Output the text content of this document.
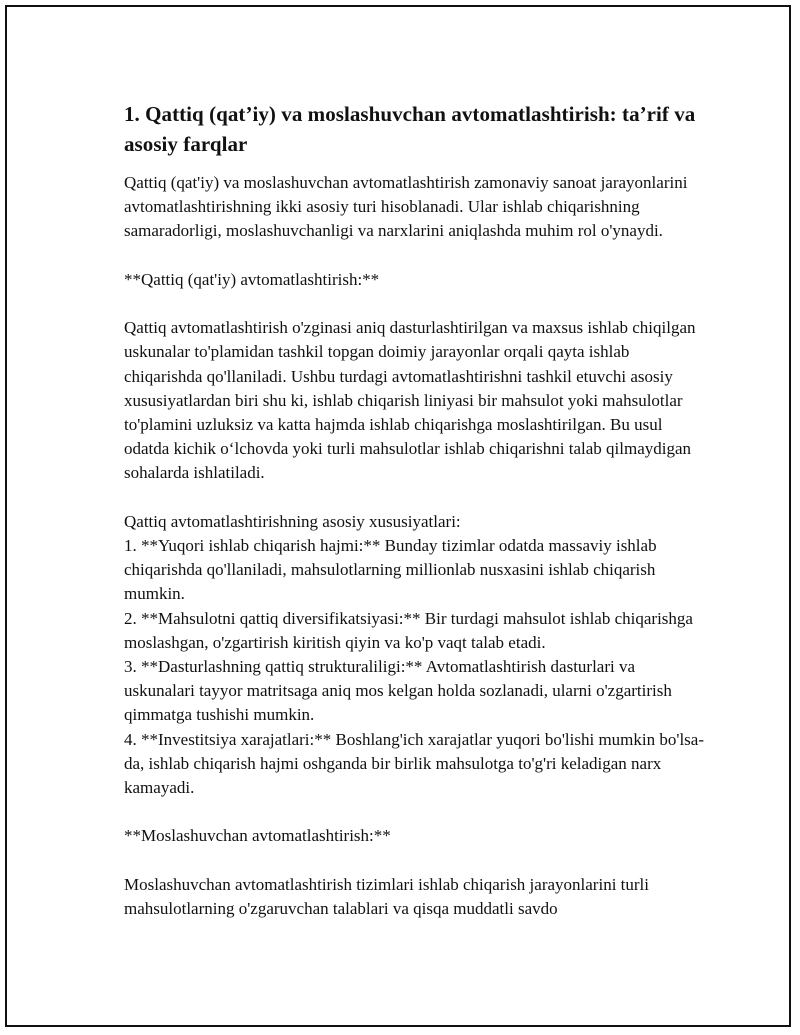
1. Qattiq (qat’iy) va moslashuvchan avtomatlashtirish: ta’rif va asosiy farqlar

Qattiq (qat'iy) va moslashuvchan avtomatlashtirish zamonaviy sanoat jarayonlarini avtomatlashtirishning ikki asosiy turi hisoblanadi. Ular ishlab chiqarishning samaradorligi, moslashuvchanligi va narxlarini aniqlashda muhim rol o'ynaydi.

**Qattiq (qat'iy) avtomatlashtirish:**

Qattiq avtomatlashtirish o'zginasi aniq dasturlashtirilgan va maxsus ishlab chiqilgan uskunalar to'plamidan tashkil topgan doimiy jarayonlar orqali qayta ishlab chiqarishda qo'llaniladi. Ushbu turdagi avtomatlashtirishni tashkil etuvchi asosiy xususiyatlardan biri shu ki, ishlab chiqarish liniyasi bir mahsulot yoki mahsulotlar to'plamini uzluksiz va katta hajmda ishlab chiqarishga moslashtirilgan. Bu usul odatda kichik o‘lchovda yoki turli mahsulotlar ishlab chiqarishni talab qilmaydigan sohalarda ishlatiladi.

Qattiq avtomatlashtirishning asosiy xususiyatlari:
1. **Yuqori ishlab chiqarish hajmi:** Bunday tizimlar odatda massaviy ishlab chiqarishda qo'llaniladi, mahsulotlarning millionlab nusxasini ishlab chiqarish mumkin.
2. **Mahsulotni qattiq diversifikatsiyasi:** Bir turdagi mahsulot ishlab chiqarishga moslashgan, o'zgartirish kiritish qiyin va ko'p vaqt talab etadi.
3. **Dasturlashning qattiq strukturaliligi:** Avtomatlashtirish dasturlari va uskunalari tayyor matritsaga aniq mos kelgan holda sozlanadi, ularni o'zgartirish qimmatga tushishi mumkin.
4. **Investitsiya xarajatlari:** Boshlang'ich xarajatlar yuqori bo'lishi mumkin bo'lsa-da, ishlab chiqarish hajmi oshganda bir birlik mahsulotga to'g'ri keladigan narx kamayadi.

**Moslashuvchan avtomatlashtirish:**

Moslashuvchan avtomatlashtirish tizimlari ishlab chiqarish jarayonlarini turli mahsulotlarning o'zgaruvchan talablari va qisqa muddatli savdo
